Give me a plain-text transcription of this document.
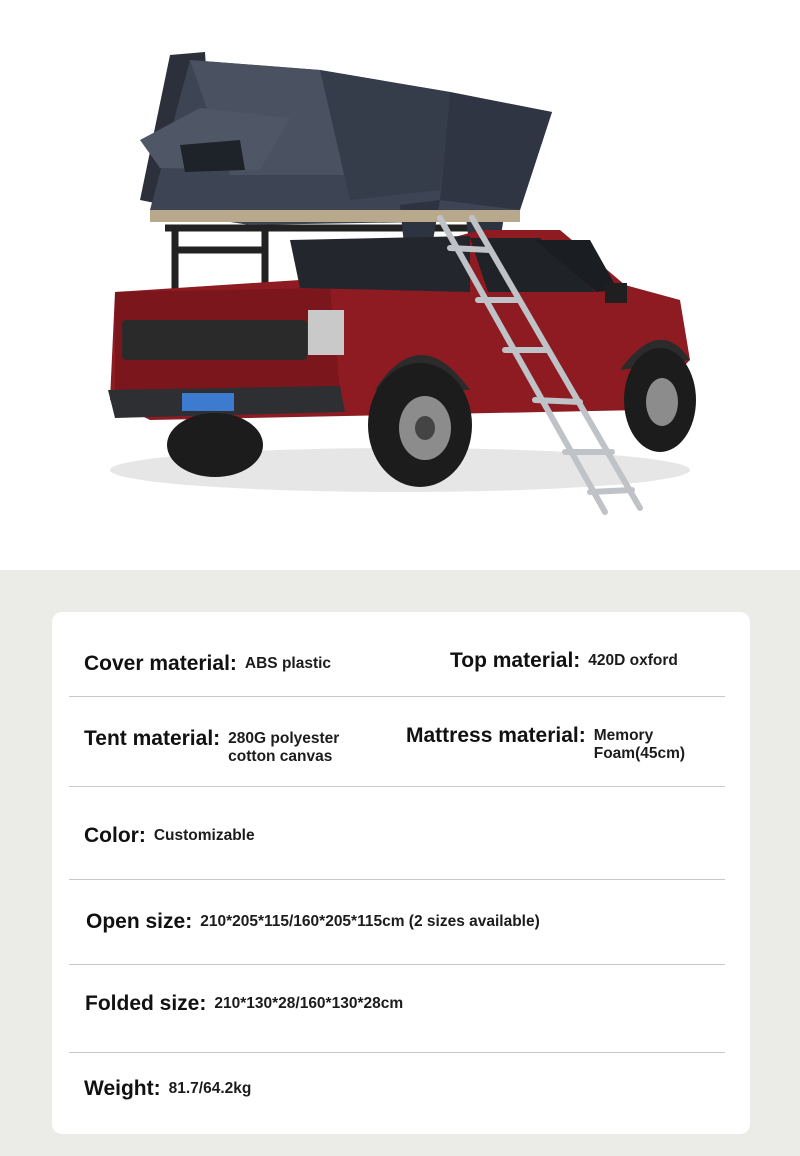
Cover material: ABS plastic	Top material: 420D oxford
Tent material: 280G polyester
cotton canvas
Mattress material: Memory
Foam(45cm)
Color: Customizable
Open size: 210*205*115/160*205*115cm (2 sizes available)
Folded size: 210*130*28/160*130*28cm
Weight: 81.7/64.2kg
